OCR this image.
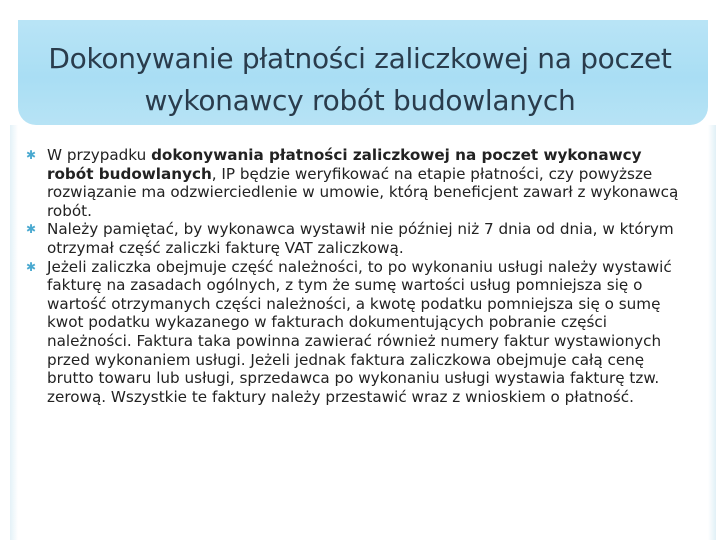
Dokonywanie płatności zaliczkowej na poczet wykonawcy robót budowlanych
✱ W przypadku dokonywania płatności zaliczkowej na poczet wykonawcy robót budowlanych, IP będzie weryfikować na etapie płatności, czy powyższe rozwiązanie ma odzwierciedlenie w umowie, którą beneficjent zawarł z wykonawcą robót.
✱ Należy pamiętać, by wykonawca wystawił nie później niż 7 dnia od dnia, w którym otrzymał część zaliczki fakturę VAT zaliczkową.
✱ Jeżeli zaliczka obejmuje część należności, to po wykonaniu usługi należy wystawić fakturę na zasadach ogólnych, z tym że sumę wartości usług pomniejsza się o wartość otrzymanych części należności, a kwotę podatku pomniejsza się o sumę kwot podatku wykazanego w fakturach dokumentujących pobranie części należności. Faktura taka powinna zawierać również numery faktur wystawionych przed wykonaniem usługi. Jeżeli jednak faktura zaliczkowa obejmuje całą cenę brutto towaru lub usługi, sprzedawca po wykonaniu usługi wystawia fakturę tzw. zerową. Wszystkie te faktury należy przestawić wraz z wnioskiem o płatność.
